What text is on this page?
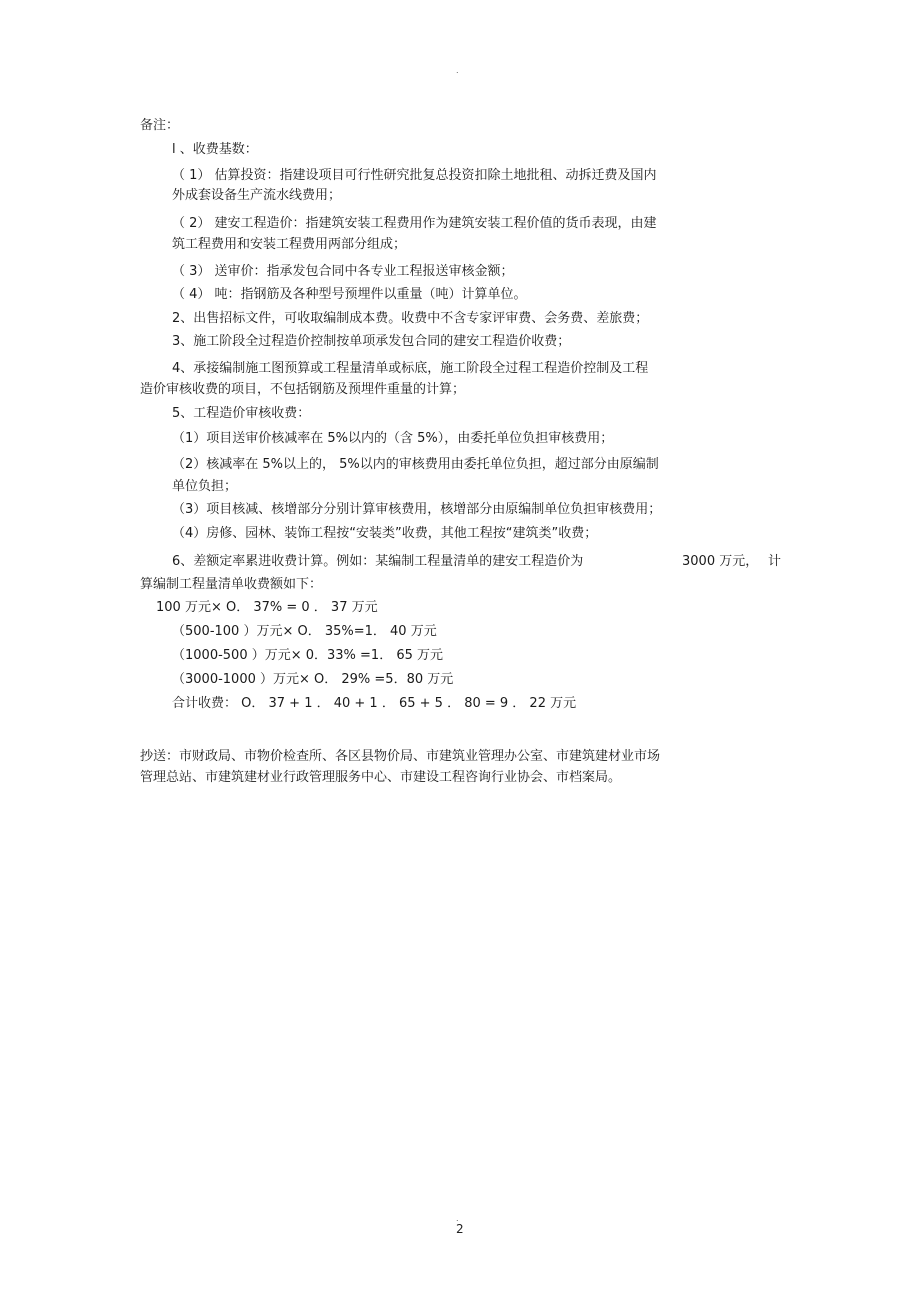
.
备注：
l 、收费基数：
（ 1） 估算投资：指建设项目可行性研究批复总投资扣除土地批租、动拆迁费及国内
外成套设备生产流水线费用；
（ 2） 建安工程造价：指建筑安装工程费用作为建筑安装工程价值的货币表现，由建
筑工程费用和安装工程费用两部分组成；
（ 3） 送审价：指承发包合同中各专业工程报送审核金额；
（ 4） 吨：指钢筋及各种型号预埋件以重量（吨）计算单位。
2、出售招标文件，可收取编制成本费。收费中不含专家评审费、会务费、差旅费；
3、施工阶段全过程造价控制按单项承发包合同的建安工程造价收费；
4、承接编制施工图预算或工程量清单或标底，施工阶段全过程工程造价控制及工程
造价审核收费的项目，不包括钢筋及预埋件重量的计算；
5、工程造价审核收费：
（1）项目送审价核减率在 5%以内的（含 5%），由委托单位负担审核费用；
（2）核减率在 5%以上的， 5%以内的审核费用由委托单位负担，超过部分由原编制
单位负担；
（3）项目核减、核增部分分别计算审核费用，核增部分由原编制单位负担审核费用；
（4）房修、园林、装饰工程按“安装类”收费，其他工程按“建筑类”收费；
6、差额定率累进收费计算。例如：某编制工程量清单的建安工程造价为	3000 万元， 计
算编制工程量清单收费额如下：
100 万元× O． 37% = 0 ． 37 万元
（500-100 ）万元× O． 35%=1． 40 万元
（1000-500 ）万元× 0．33% =1． 65 万元
（3000-1000 ）万元× O． 29% =5．80 万元
合计收费： O． 37 + 1 ． 40 + 1 ． 65 + 5 ． 80 = 9 ． 22 万元
抄送：市财政局、市物价检查所、各区县物价局、市建筑业管理办公室、市建筑建材业市场
管理总站、市建筑建材业行政管理服务中心、市建设工程咨询行业协会、市档案局。
.
2
